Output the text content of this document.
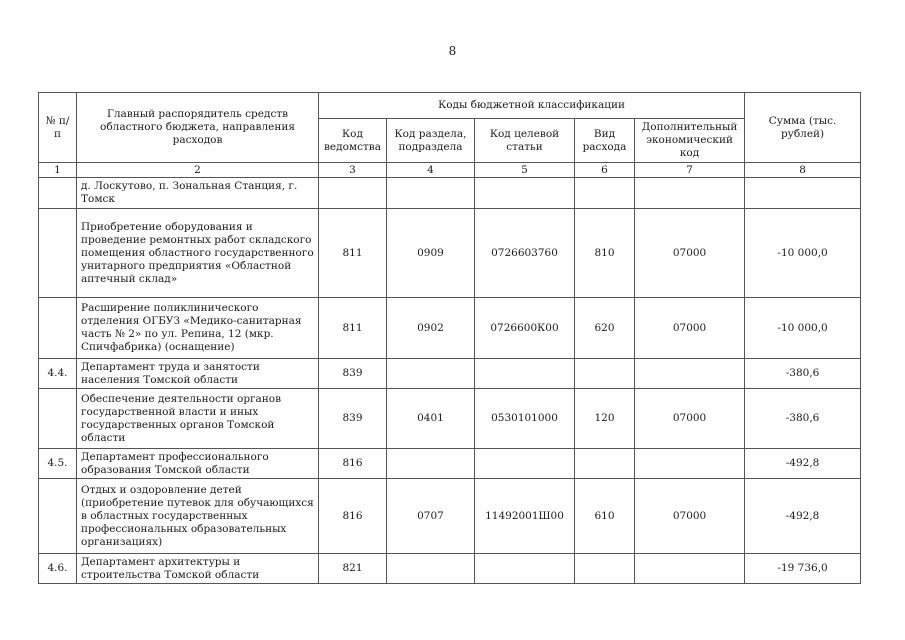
8
№ п/п	Главный распорядитель средств областного бюджета, направления расходов	Коды бюджетной классификации					Сумма (тыс. рублей)
		Код ведомства	Код раздела, подраздела	Код целевой статьи	Вид расхода	Дополнительный экономический код	
1	2	3	4	5	6	7	8
	д. Лоскутово, п. Зональная Станция, г. Томск						
	Приобретение оборудования и проведение ремонтных работ складского помещения областного государственного унитарного предприятия «Областной аптечный склад»	811	0909	0726603760	810	07000	-10 000,0
	Расширение поликлинического отделения ОГБУЗ «Медико-санитарная часть № 2» по ул. Репина, 12 (мкр. Спичфабрика) (оснащение)	811	0902	0726600К00	620	07000	-10 000,0
4.4.	Департамент труда и занятости населения Томской области	839					-380,6
	Обеспечение деятельности органов государственной власти и иных государственных органов Томской области	839	0401	0530101000	120	07000	-380,6
4.5.	Департамент профессионального образования Томской области	816					-492,8
	Отдых и оздоровление детей (приобретение путевок для обучающихся в областных государственных профессиональных образовательных организациях)	816	0707	11492001Ш00	610	07000	-492,8
4.6.	Департамент архитектуры и строительства Томской области	821					-19 736,0
